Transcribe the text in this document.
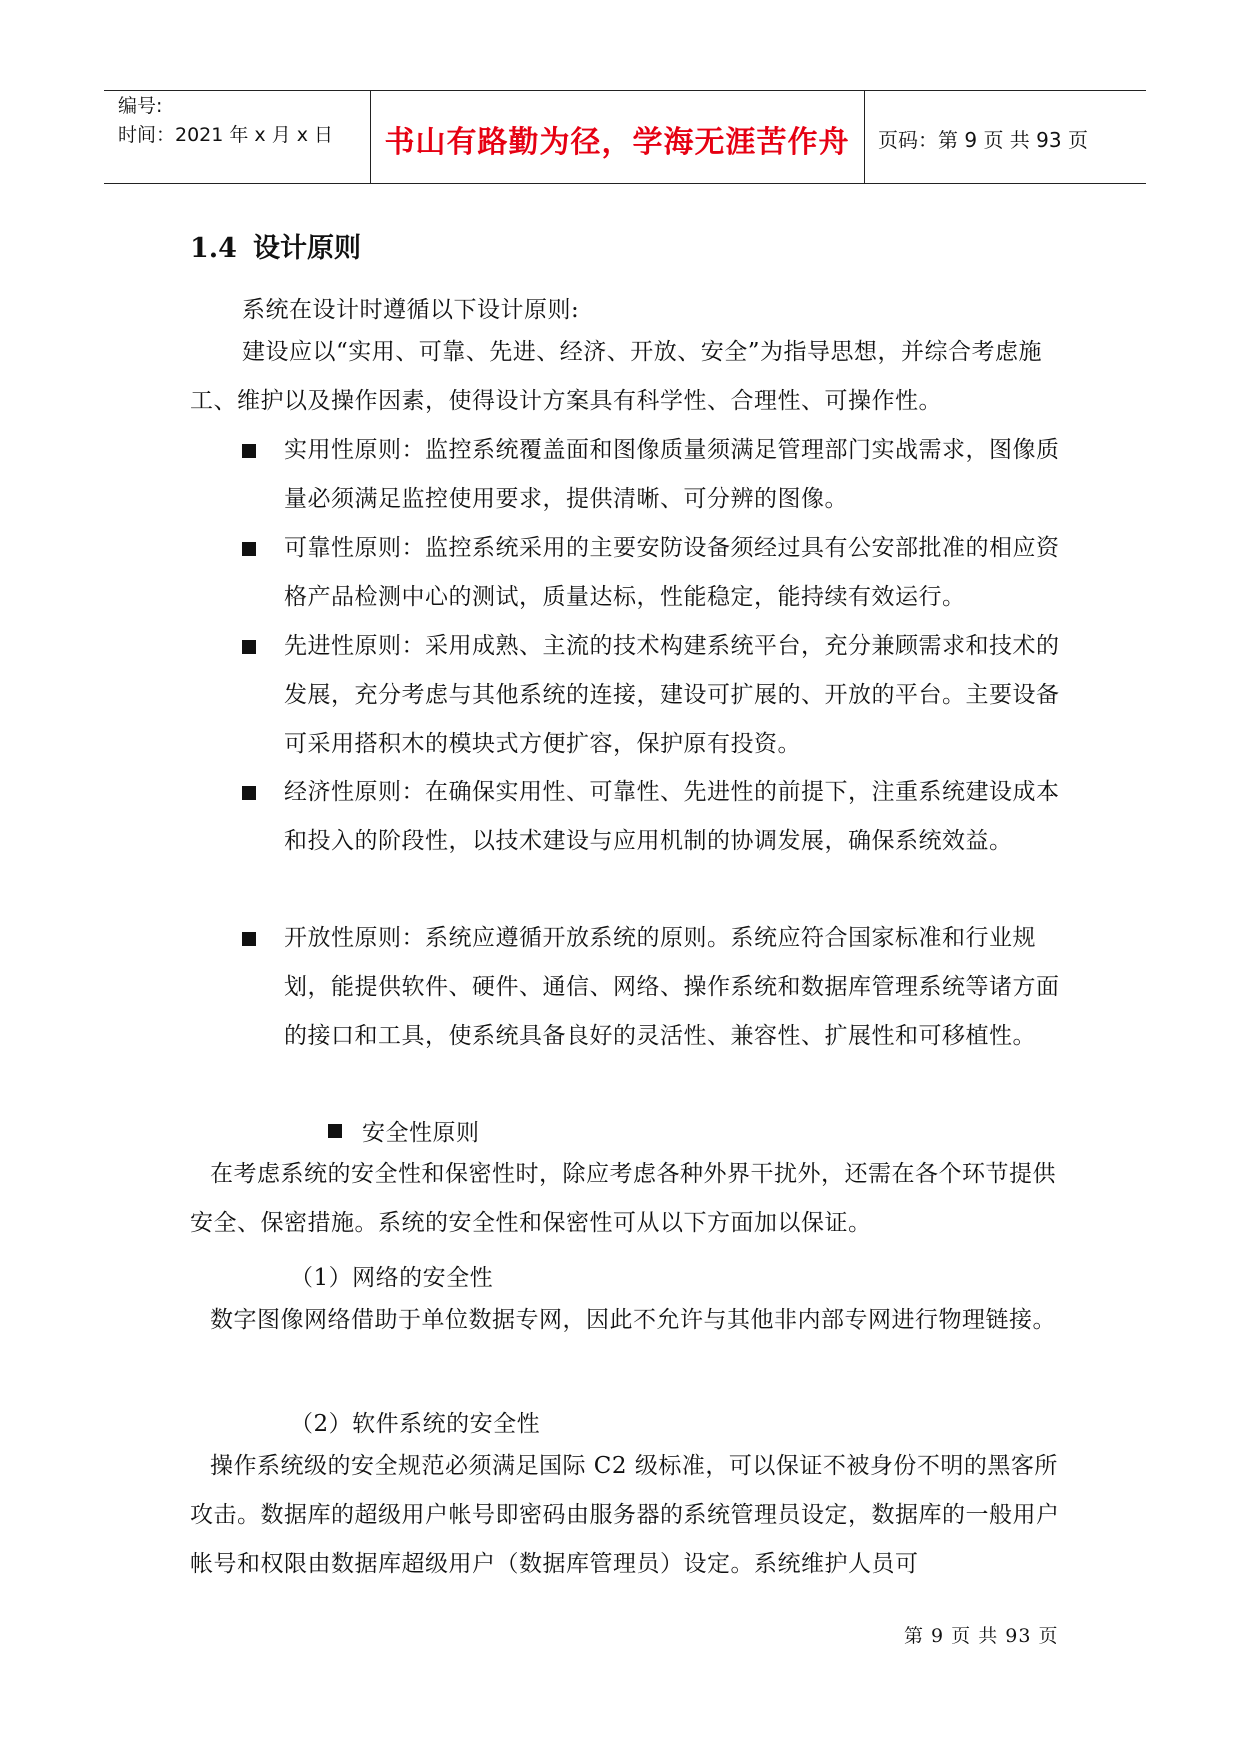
编号:
时间：2021 年 x 月 x 日	书山有路勤为径，学海无涯苦作舟	页码：第 9 页 共 93 页
1.4 设计原则
系统在设计时遵循以下设计原则:
建设应以“实用、可靠、先进、经济、开放、安全”为指导思想，并综合考虑施工、维护以及操作因素，使得设计方案具有科学性、合理性、可操作性。
实用性原则：监控系统覆盖面和图像质量须满足管理部门实战需求，图像质量必须满足监控使用要求，提供清晰、可分辨的图像。
可靠性原则：监控系统采用的主要安防设备须经过具有公安部批准的相应资格产品检测中心的测试，质量达标，性能稳定，能持续有效运行。
先进性原则：采用成熟、主流的技术构建系统平台，充分兼顾需求和技术的发展，充分考虑与其他系统的连接，建设可扩展的、开放的平台。主要设备可采用搭积木的模块式方便扩容，保护原有投资。
经济性原则：在确保实用性、可靠性、先进性的前提下，注重系统建设成本和投入的阶段性，以技术建设与应用机制的协调发展，确保系统效益。
开放性原则：系统应遵循开放系统的原则。系统应符合国家标准和行业规划，能提供软件、硬件、通信、网络、操作系统和数据库管理系统等诸方面的接口和工具，使系统具备良好的灵活性、兼容性、扩展性和可移植性。
安全性原则
在考虑系统的安全性和保密性时，除应考虑各种外界干扰外，还需在各个环节提供安全、保密措施。系统的安全性和保密性可从以下方面加以保证。
（1）网络的安全性
数字图像网络借助于单位数据专网，因此不允许与其他非内部专网进行物理链接。
（2）软件系统的安全性
操作系统级的安全规范必须满足国际 C2 级标准，可以保证不被身份不明的黑客所攻击。数据库的超级用户帐号即密码由服务器的系统管理员设定，数据库的一般用户帐号和权限由数据库超级用户（数据库管理员）设定。系统维护人员可
第 9 页 共 93 页
